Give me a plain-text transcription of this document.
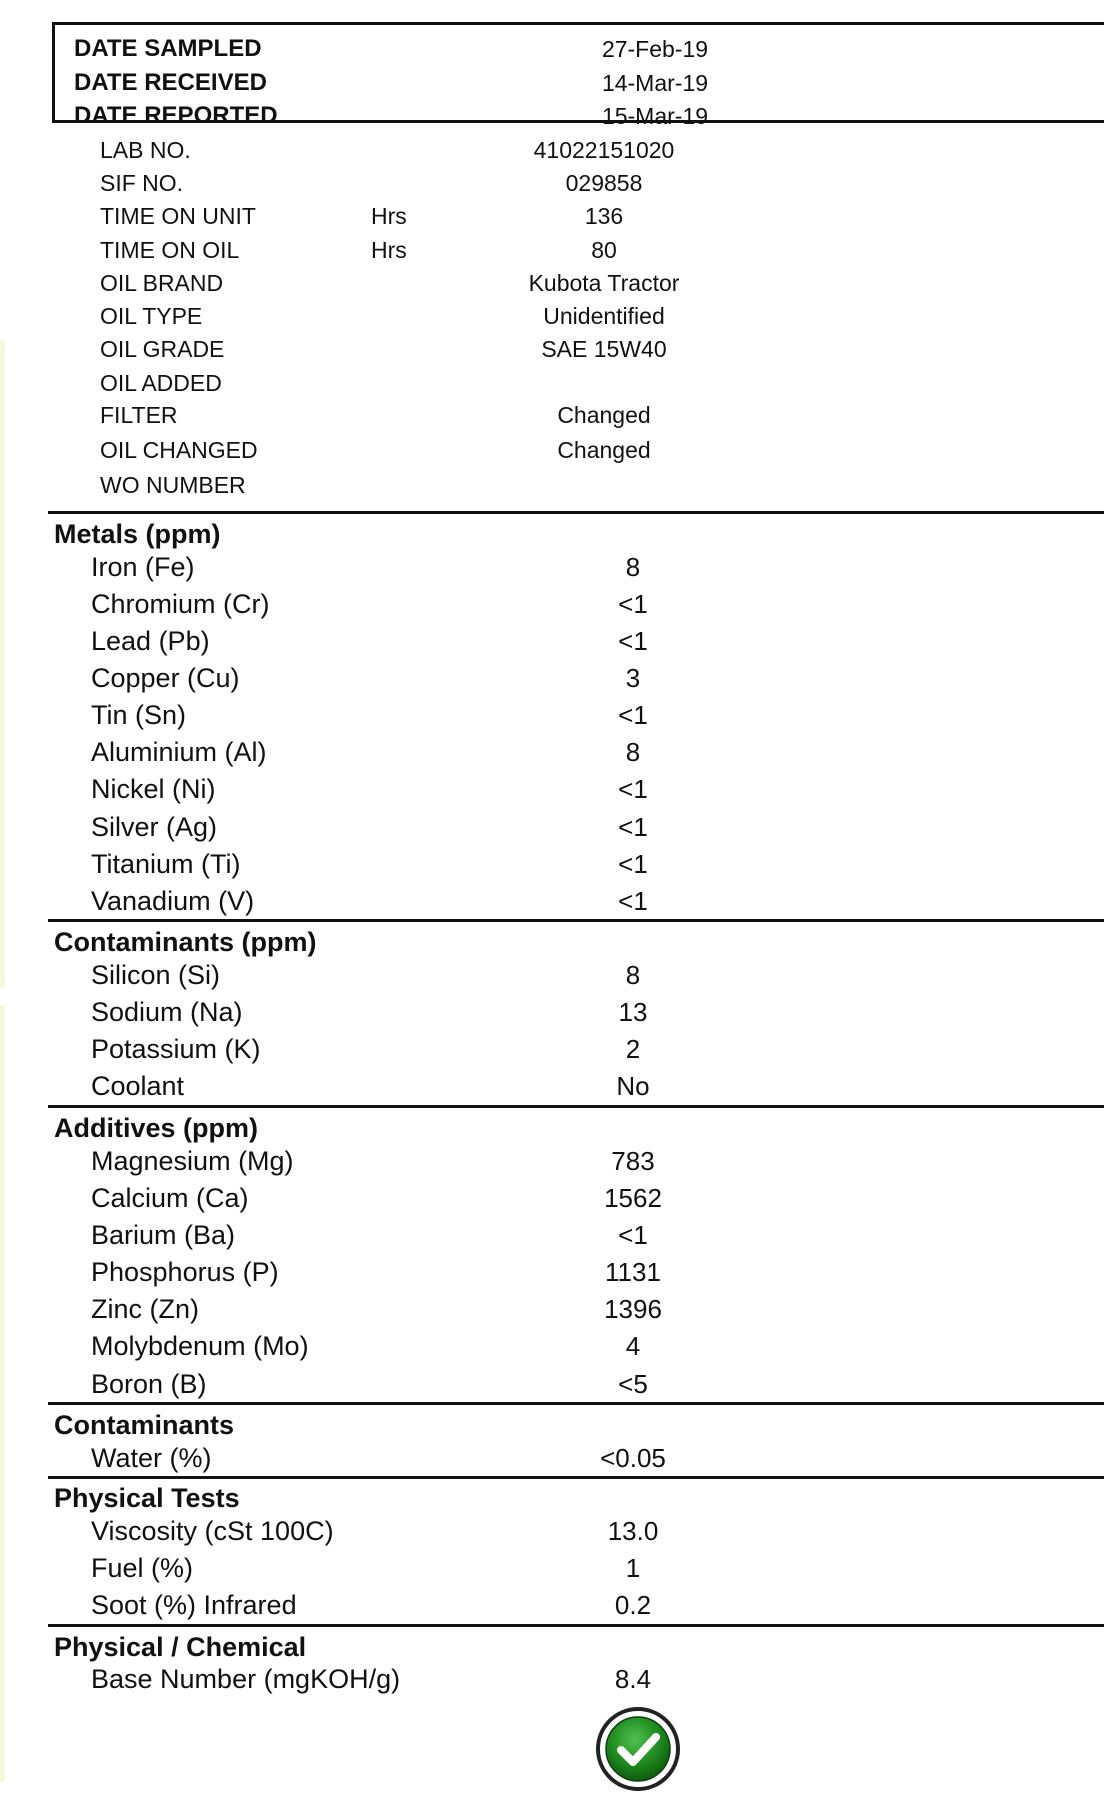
DATE SAMPLED	27-Feb-19
DATE RECEIVED	14-Mar-19
DATE REPORTED	15-Mar-19
LAB NO.	41022151020
SIF NO.	029858
TIME ON UNIT	Hrs	136
TIME ON OIL	Hrs	80
OIL BRAND	Kubota Tractor
OIL TYPE	Unidentified
OIL GRADE	SAE 15W40
OIL ADDED
FILTER	Changed
OIL CHANGED	Changed
WO NUMBER
Metals (ppm)
Iron (Fe)	8
Chromium (Cr)	<1
Lead (Pb)	<1
Copper (Cu)	3
Tin (Sn)	<1
Aluminium (Al)	8
Nickel (Ni)	<1
Silver (Ag)	<1
Titanium (Ti)	<1
Vanadium (V)	<1
Contaminants (ppm)
Silicon (Si)	8
Sodium (Na)	13
Potassium (K)	2
Coolant	No
Additives (ppm)
Magnesium (Mg)	783
Calcium (Ca)	1562
Barium (Ba)	<1
Phosphorus (P)	1131
Zinc (Zn)	1396
Molybdenum (Mo)	4
Boron (B)	<5
Contaminants
Water (%)	<0.05
Physical Tests
Viscosity (cSt 100C)	13.0
Fuel (%)	1
Soot (%) Infrared	0.2
Physical / Chemical
Base Number (mgKOH/g)	8.4
